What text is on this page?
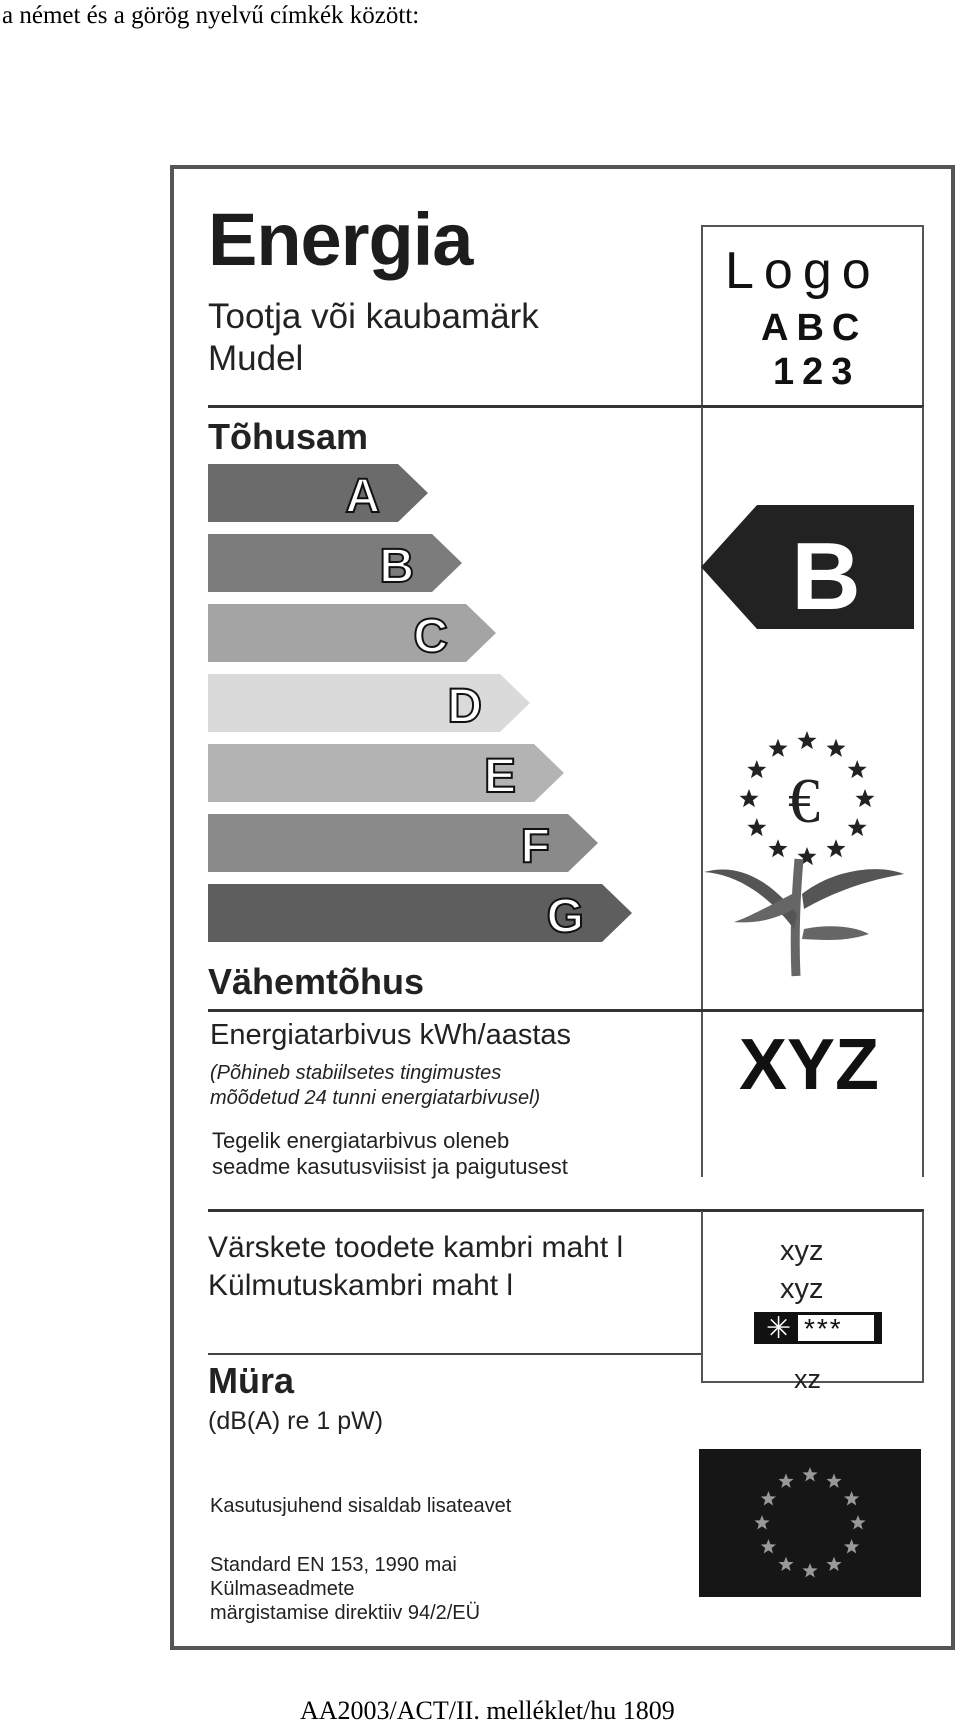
a német és a görög nyelvű címkék között:
Energia
Tootja või kaubamärk
Mudel
Logo
ABC
123
Tõhusam
A
B
C
D
E
F
G
B
€
Vähemtõhus
Energiatarbivus kWh/aastas
(Põhineb stabiilsetes tingimustes
mõõdetud 24 tunni energiatarbivusel)
Tegelik energiatarbivus oleneb
seadme kasutusviisist ja paigutusest
XYZ
Värskete toodete kambri maht l
Külmutuskambri maht l
xyz
xyz
✳ ***
Müra
(dB(A) re 1 pW)
xz
Kasutusjuhend sisaldab lisateavet
Standard EN 153, 1990 mai
Külmaseadmete
märgistamise direktiiv 94/2/EÜ
AA2003/ACT/II. melléklet/hu 1809
